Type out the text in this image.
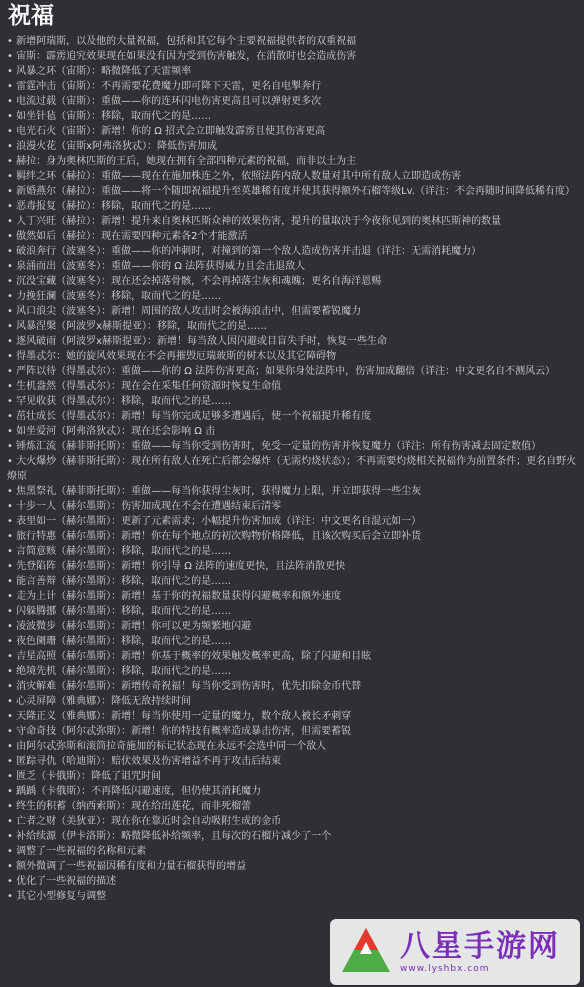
祝福
• 新增阿瑞斯，以及他的大量祝福，包括和其它每个主要祝福提供者的双重祝福
• 宙斯：霹雳追究效果现在如果没有因为受到伤害触发，在消散时也会造成伤害
• 风暴之环（宙斯）：略微降低了天雷频率
• 雷霆冲击（宙斯）：不再需要花费魔力即可降下天雷，更名自电掣奔行
• 电流过载（宙斯）：重做——你的连环闪电伤害更高且可以弹射更多次
• 如坐针毡（宙斯）：移除，取而代之的是……
• 电光石火（宙斯）：新增！你的 Ω 招式会立即触发霹雳且使其伤害更高
• 浪漫火花（宙斯x阿弗洛狄忒）：降低伤害加成
• 赫拉：身为奥林匹斯的王后，她现在拥有全部四种元素的祝福，而非以土为主
• 羁绊之环（赫拉）：重做——现在在施加株连之外，依照法阵内敌人数量对其中所有敌人立即造成伤害
• 新婚燕尔（赫拉）：重做——将一个随即祝福提升至英雄稀有度并使其获得额外石榴等级Lv.（详注：不会再随时间降低稀有度）
• 恶毒报复（赫拉）：移除，取而代之的是……
• 人丁兴旺（赫拉）：新增！提升来自奥林匹斯众神的效果伤害，提升的量取决于今夜你见到的奥林匹斯神的数量
• 傲然如后（赫拉）：现在需要四种元素各2个才能激活
• 破浪奔行（波塞冬）：重做——你的冲刺时，对撞到的第一个敌人造成伤害并击退（详注：无需消耗魔力）
• 泉涌而出（波塞冬）：重做——你的 Ω 法阵获得威力且会击退敌人
• 沉没宝藏（波塞冬）：现在还会掉落骨骸，不会再掉落尘灰和魂魄；更名自海洋恩赐
• 力挽狂澜（波塞冬）：移除，取而代之的是……
• 风口浪尖（波塞冬）：新增！周围的敌人攻击时会被海浪击中，但需要蓄锐魔力
• 风暴涅槃（阿波罗x赫斯提亚）：移除，取而代之的是……
• 逐风破雨（阿波罗x赫斯提亚）：新增！每当敌人因闪避或目盲失手时，恢复一些生命
• 得墨忒尔：她的旋风效果现在不会再摧毁厄瑞玻斯的树木以及其它障碍物
• 严阵以待（得墨忒尔）：重做——你的 Ω 法阵伤害更高；如果你身处法阵中，伤害加成翻倍（详注：中文更名自不测风云）
• 生机盎然（得墨忒尔）：现在会在采集任何资源时恢复生命值
• 罕见收获（得墨忒尔）：移除，取而代之的是……
• 茁壮成长（得墨忒尔）：新增！每当你完成足够多遭遇后，使一个祝福提升稀有度
• 如坐爱河（阿弗洛狄忒）：现在还会影响 Ω 击
• 锤炼汇流（赫菲斯托斯）：重做——每当你受到伤害时，免受一定量的伤害并恢复魔力（详注：所有伤害减去固定数值）
• 大火爆炒（赫菲斯托斯）：现在所有敌人在死亡后都会爆炸（无需灼烧状态）；不再需要灼烧相关祝福作为前置条件；更名自野火燎原
• 焦黑祭礼（赫菲斯托斯）：重做——每当你获得尘灰时，获得魔力上限，并立即获得一些尘灰
• 十步一人（赫尔墨斯）：伤害加成现在不会在遭遇结束后清零
• 表里如一（赫尔墨斯）：更新了元素需求；小幅提升伤害加成（详注：中文更名自混元如一）
• 旅行特惠（赫尔墨斯）：新增！你在每个地点的初次购物价格降低，且该次购买后会立即补货
• 言简意赅（赫尔墨斯）：移除，取而代之的是……
• 先登陷阵（赫尔墨斯）：新增！你引导 Ω 法阵的速度更快，且法阵消散更快
• 能言善辩（赫尔墨斯）：移除，取而代之的是……
• 走为上计（赫尔墨斯）：新增！基于你的祝福数量获得闪避概率和额外速度
• 闪躲腾挪（赫尔墨斯）：移除，取而代之的是……
• 凌波微步（赫尔墨斯）：新增！你可以更为频繁地闪避
• 夜色阑珊（赫尔墨斯）：移除，取而代之的是……
• 吉星高照（赫尔墨斯）：新增！你基于概率的效果触发概率更高，除了闪避和目眩
• 绝境先机（赫尔墨斯）：移除，取而代之的是……
• 消灾解难（赫尔墨斯）：新增传奇祝福！每当你受到伤害时，优先扣除金币代替
• 心灵屏障（雅典娜）：降低无敌持续时间
• 天隆正义（雅典娜）：新增！每当你使用一定量的魔力，数个敌人被长矛刺穿
• 守命奇技（阿尔忒弥斯）：新增！你的特技有概率造成暴击伤害，但需要蓄锐
• 由阿尔忒弥斯和滚筒拉奇施加的标记状态现在永远不会选中同一个敌人
• 匿踪寻仇（哈迪斯）：赔伏效果及伤害增益不再于攻击后结束
• 匮乏（卡俄斯）：降低了诅咒时间
• 踽踽（卡俄斯）：不再降低闪避速度，但仍使其消耗魔力
• 终生的积蓄（纳西索斯）：现在给出莲花，而非死榴蕾
• 亡者之财（美狄亚）：现在你在靠近时会自动吸附生成的金币
• 补给续源（伊卡洛斯）：略微降低补给频率，且每次的石榴片减少了一个
• 调整了一些祝福的名称和元素
• 额外微调了一些祝福因稀有度和力量石榴获得的增益
• 优化了一些祝福的描述
• 其它小型修复与调整
八星手游网
www.lyshbx.com
